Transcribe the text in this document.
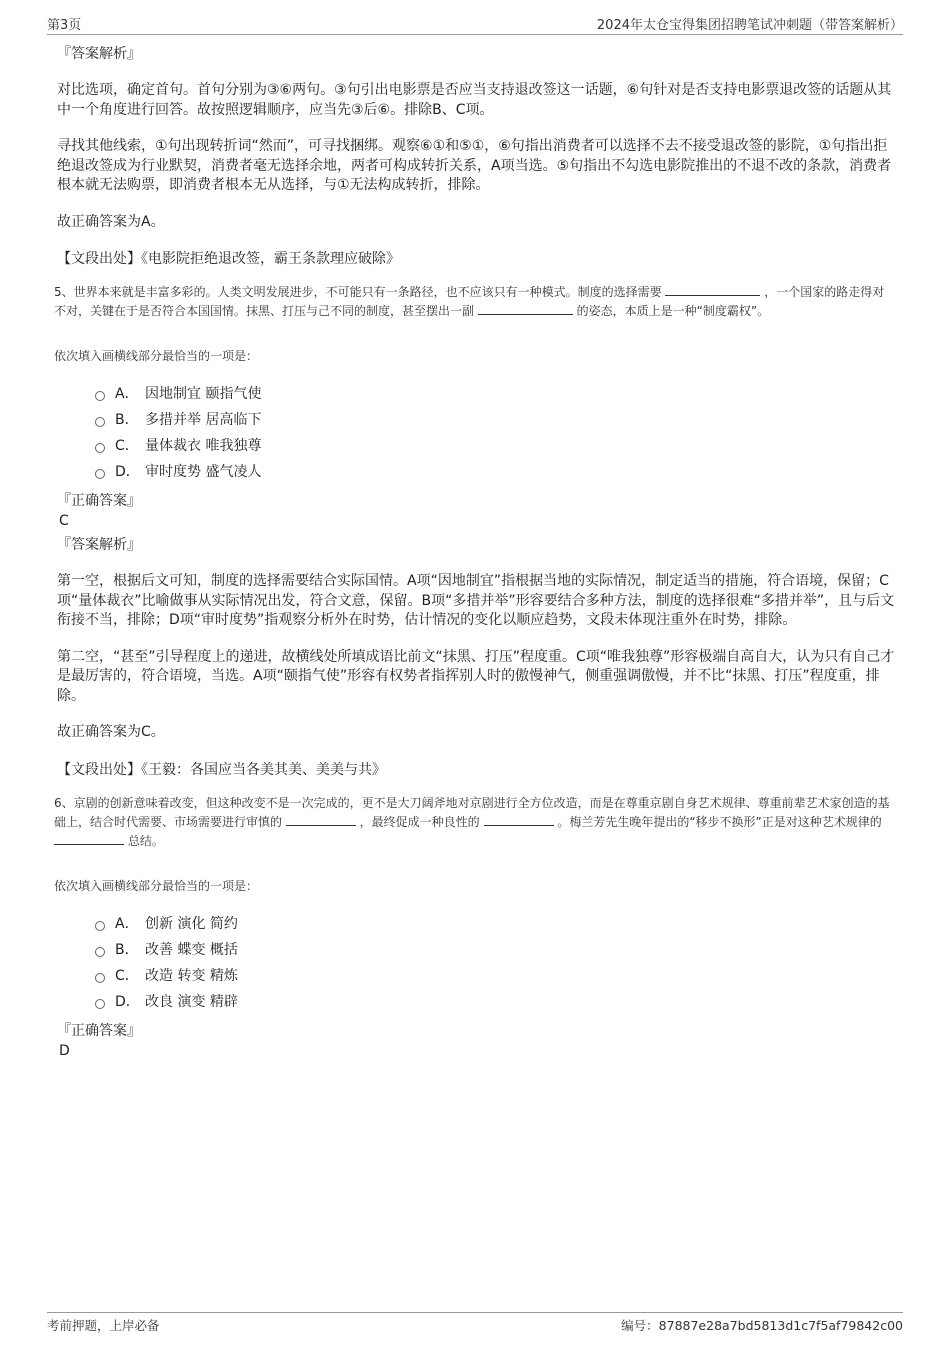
第3页	2024年太仓宝得集团招聘笔试冲刺题（带答案解析）
『答案解析』
对比选项，确定首句。首句分别为③⑥两句。③句引出电影票是否应当支持退改签这一话题，⑥句针对是否支持电影票退改签的话题从其中一个角度进行回答。故按照逻辑顺序，应当先③后⑥。排除B、C项。
寻找其他线索，①句出现转折词“然而”，可寻找捆绑。观察⑥①和⑤①，⑥句指出消费者可以选择不去不接受退改签的影院，①句指出拒绝退改签成为行业默契，消费者毫无选择余地，两者可构成转折关系，A项当选。⑤句指出不勾选电影院推出的不退不改的条款，消费者根本就无法购票，即消费者根本无从选择，与①无法构成转折，排除。
故正确答案为A。
【文段出处】《电影院拒绝退改签，霸王条款理应破除》
5、世界本来就是丰富多彩的。人类文明发展进步，不可能只有一条路径，也不应该只有一种模式。制度的选择需要	，一个国家的路走得对不对，关键在于是否符合本国国情。抹黑、打压与己不同的制度，甚至摆出一副	的姿态，本质上是一种“制度霸权”。
依次填入画横线部分最恰当的一项是：
A． 因地制宜 颐指气使
B． 多措并举 居高临下
C． 量体裁衣 唯我独尊
D． 审时度势 盛气凌人
『正确答案』
C
『答案解析』
第一空，根据后文可知，制度的选择需要结合实际国情。A项“因地制宜”指根据当地的实际情况，制定适当的措施，符合语境，保留；C项“量体裁衣”比喻做事从实际情况出发，符合文意，保留。B项“多措并举”形容要结合多种方法，制度的选择很难“多措并举”，且与后文衔接不当，排除；D项“审时度势”指观察分析外在时势，估计情况的变化以顺应趋势，文段未体现注重外在时势，排除。
第二空，“甚至”引导程度上的递进，故横线处所填成语比前文“抹黑、打压”程度重。C项“唯我独尊”形容极端自高自大，认为只有自己才是最厉害的，符合语境，当选。A项“颐指气使”形容有权势者指挥别人时的傲慢神气，侧重强调傲慢，并不比“抹黑、打压”程度重，排除。
故正确答案为C。
【文段出处】《王毅：各国应当各美其美、美美与共》
6、京剧的创新意味着改变，但这种改变不是一次完成的，更不是大刀阔斧地对京剧进行全方位改造，而是在尊重京剧自身艺术规律、尊重前辈艺术家创造的基础上，结合时代需要、市场需要进行审慎的	，最终促成一种良性的	。梅兰芳先生晚年提出的“移步不换形”正是对这种艺术规律的  总结。
依次填入画横线部分最恰当的一项是：
A． 创新 演化 简约
B． 改善 蝶变 概括
C． 改造 转变 精炼
D． 改良 演变 精辟
『正确答案』
D
考前押题，上岸必备	编号：87887e28a7bd5813d1c7f5af79842c00
